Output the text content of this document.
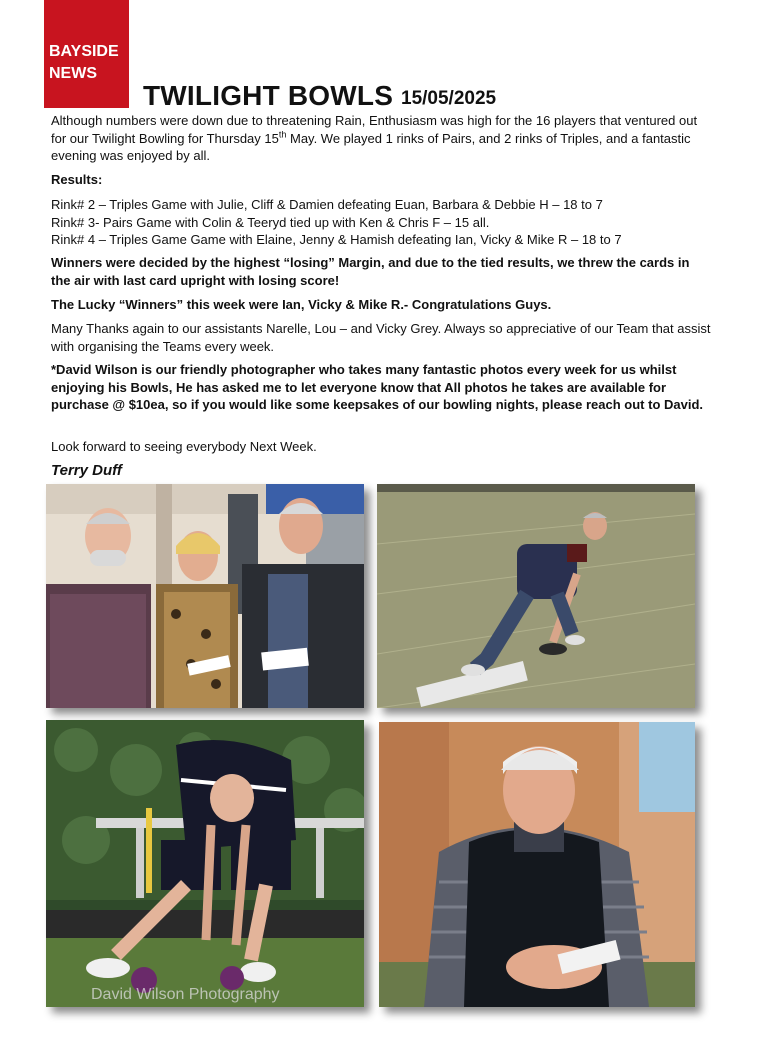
BAYSIDE
NEWS
TWILIGHT BOWLS 15/05/2025

Although numbers were down due to threatening Rain, Enthusiasm was high for the 16 players that ventured out for our Twilight Bowling for Thursday 15th May. We played 1 rinks of Pairs, and 2 rinks of Triples, and a fantastic evening was enjoyed by all.

Results:

Rink# 2 – Triples Game with Julie, Cliff & Damien defeating Euan, Barbara & Debbie H – 18 to 7

Rink# 3- Pairs Game with Colin & Teeryd tied up with Ken & Chris F – 15 all.

Rink# 4 – Triples Game Game with Elaine, Jenny & Hamish defeating Ian, Vicky & Mike R – 18 to 7

Winners were decided by the highest “losing” Margin, and due to the tied results, we threw the cards in the air with last card upright with losing score!
The Lucky “Winners” this week were Ian, Vicky & Mike R.- Congratulations Guys.
Many Thanks again to our assistants Narelle, Lou – and Vicky Grey. Always so appreciative of our Team that assist with organising the Teams every week.
*David Wilson is our friendly photographer who takes many fantastic photos every week for us whilst enjoying his Bowls, He has asked me to let everyone know that All photos he takes are available for purchase @ $10ea, so if you would like some keepsakes of our bowling nights, please reach out to David.
Look forward to seeing everybody Next Week.
Terry Duff
David Wilson Photography
